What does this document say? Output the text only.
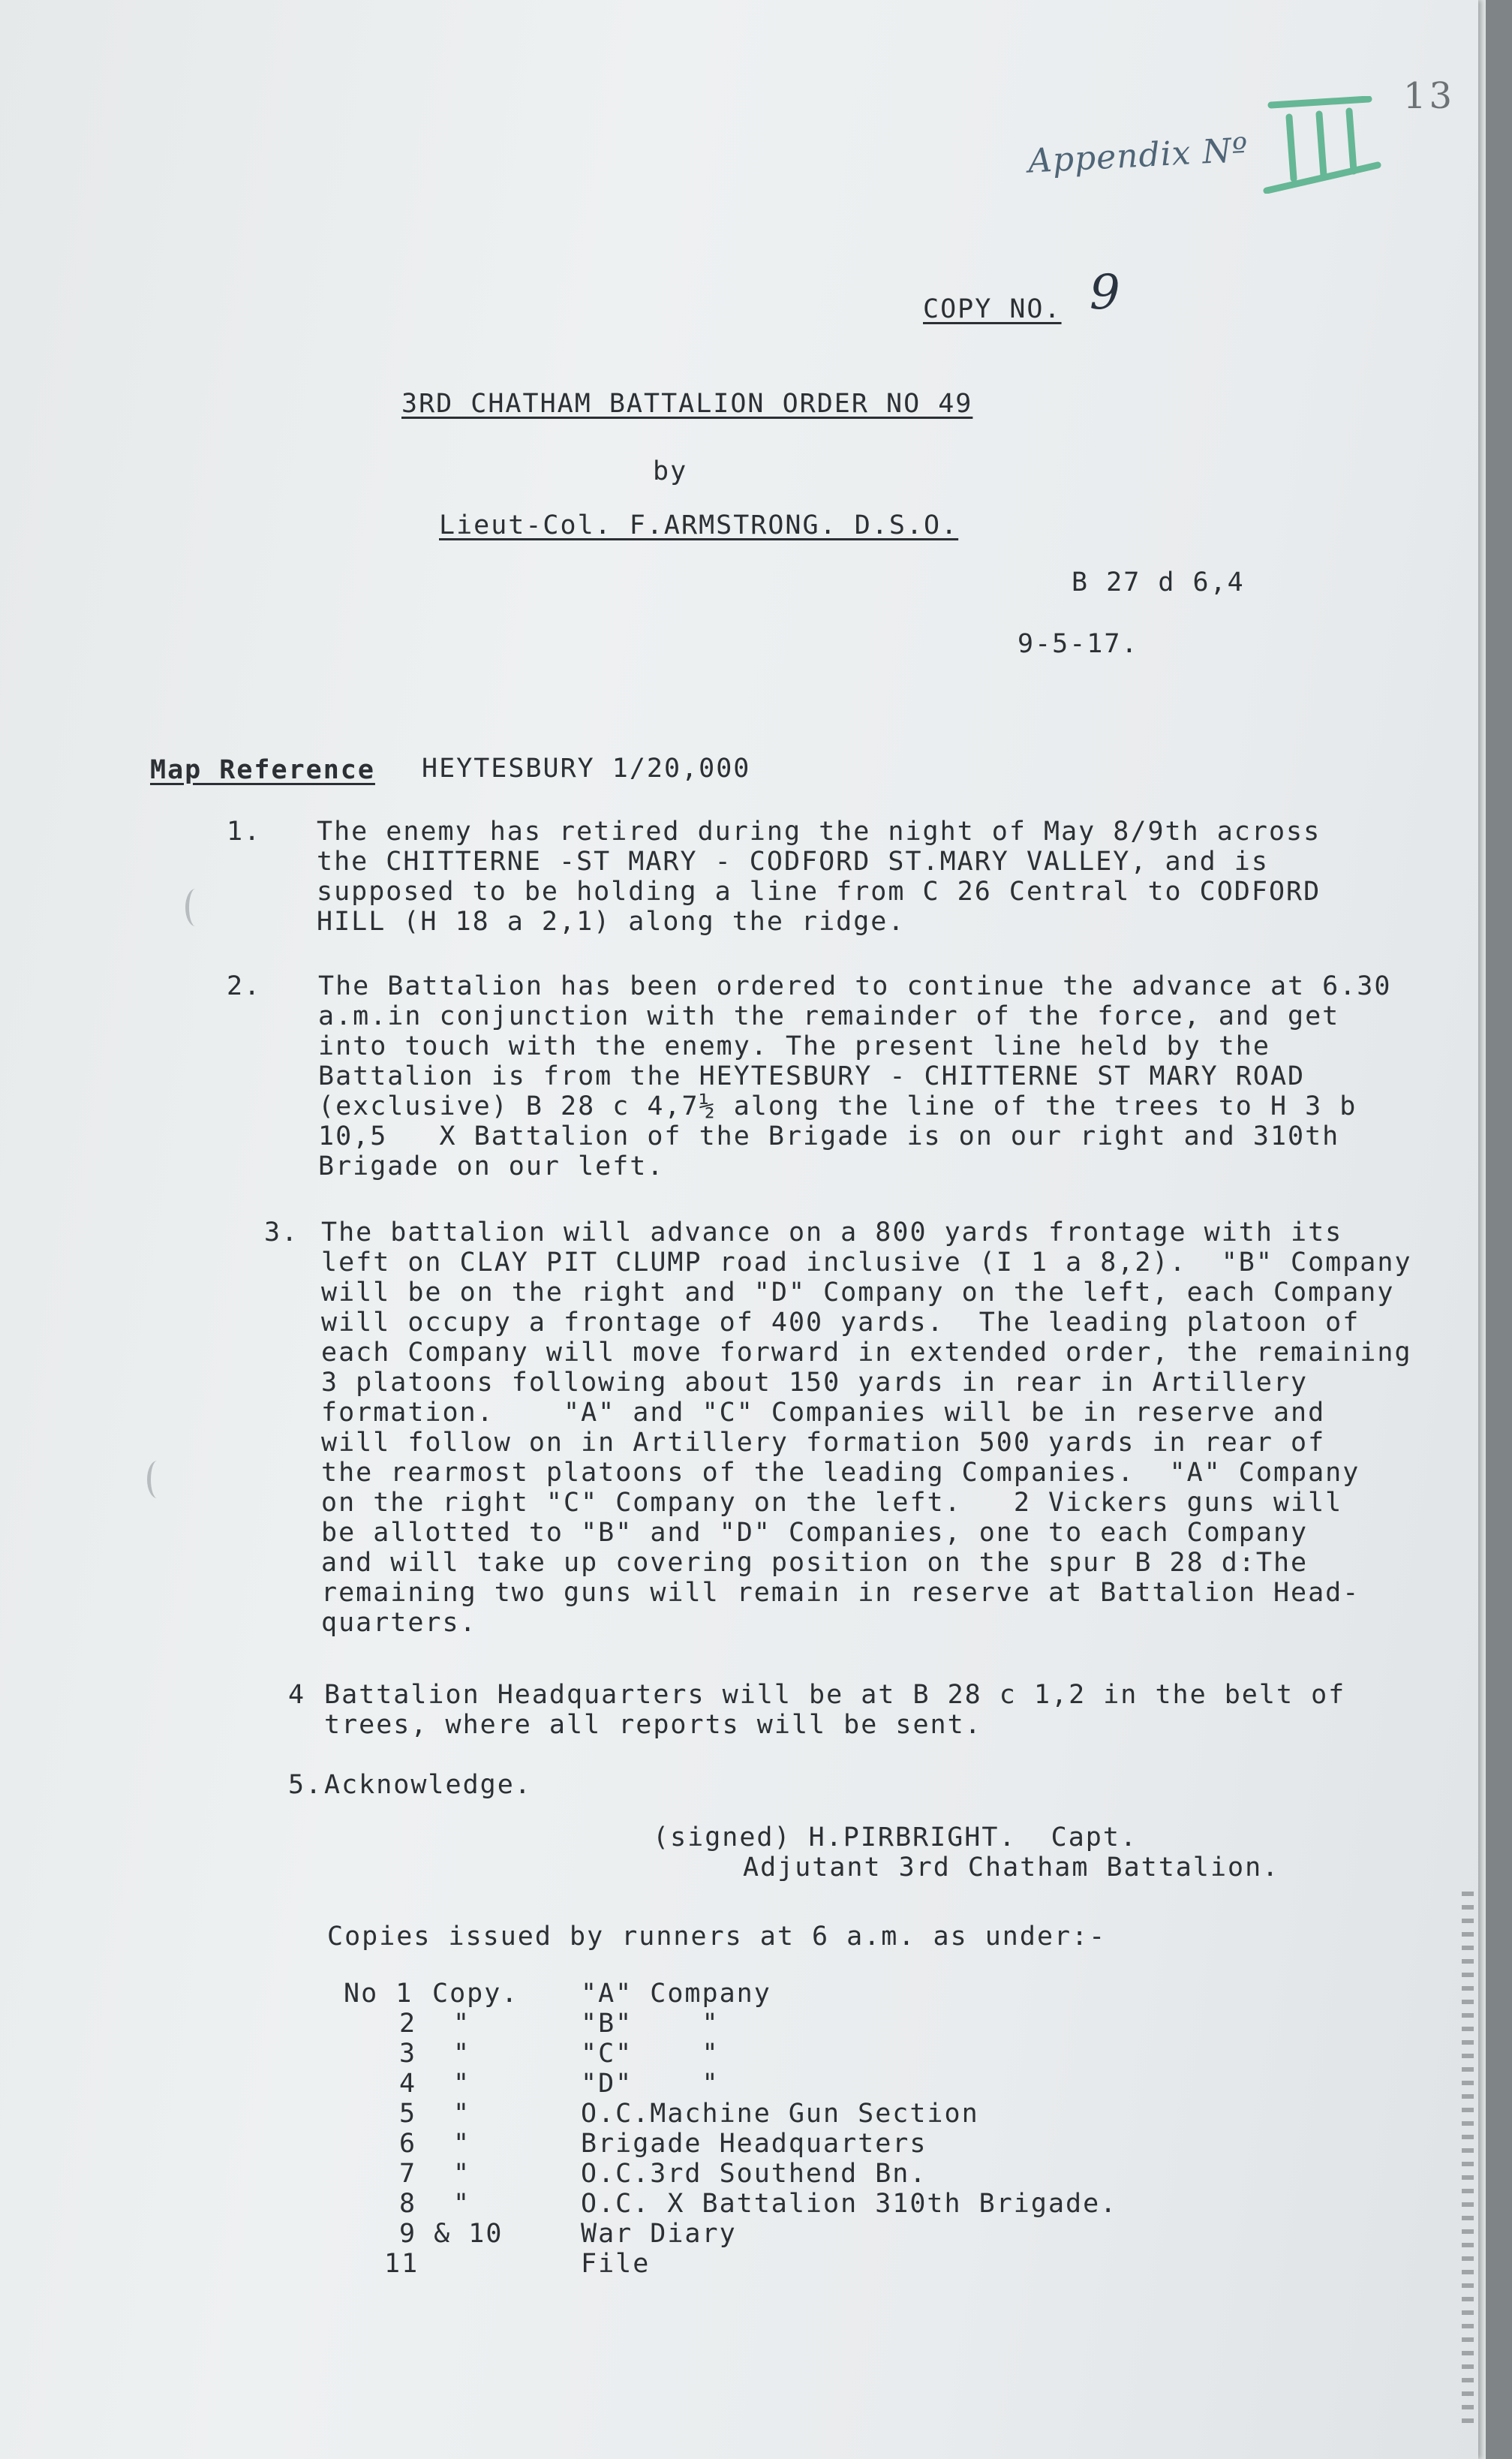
13
Appendix Nº
III
COPY NO. 9
3RD CHATHAM BATTALION ORDER NO 49
by
Lieut-Col. F.ARMSTRONG. D.S.O.
B 27 d 6,4
9-5-17.
Map Reference HEYTESBURY 1/20,000
1. The enemy has retired during the night of May 8/9th across
the CHITTERNE -ST MARY - CODFORD ST.MARY VALLEY, and is
supposed to be holding a line from C 26 Central to CODFORD
HILL (H 18 a 2,1) along the ridge.
2. The Battalion has been ordered to continue the advance at 6.30
a.m.in conjunction with the remainder of the force, and get
into touch with the enemy. The present line held by the
Battalion is from the HEYTESBURY - CHITTERNE ST MARY ROAD
(exclusive) B 28 c 4,7½ along the line of the trees to H 3 b
10,5   X Battalion of the Brigade is on our right and 310th
Brigade on our left.
3. The battalion will advance on a 800 yards frontage with its
left on CLAY PIT CLUMP road inclusive (I 1 a 8,2).  "B" Company
will be on the right and "D" Company on the left, each Company
will occupy a frontage of 400 yards.  The leading platoon of
each Company will move forward in extended order, the remaining
3 platoons following about 150 yards in rear in Artillery
formation.    "A" and "C" Companies will be in reserve and
will follow on in Artillery formation 500 yards in rear of
the rearmost platoons of the leading Companies.  "A" Company
on the right "C" Company on the left.   2 Vickers guns will
be allotted to "B" and "D" Companies, one to each Company
and will take up covering position on the spur B 28 d:The
remaining two guns will remain in reserve at Battalion Head-
quarters.
4 Battalion Headquarters will be at B 28 c 1,2 in the belt of
trees, where all reports will be sent.
5. Acknowledge.
(signed) H.PIRBRIGHT.  Capt.
Adjutant 3rd Chatham Battalion.
Copies issued by runners at 6 a.m. as under:-
No 1 Copy. "A" Company
2 "	"B"    "
3 "	"C"    "
4 "	"D"    "
5 "	O.C.Machine Gun Section
6 "	Brigade Headquarters
7 "	O.C.3rd Southend Bn.
8 "	O.C. X Battalion 310th Brigade.
9 & 10	War Diary
11	File
